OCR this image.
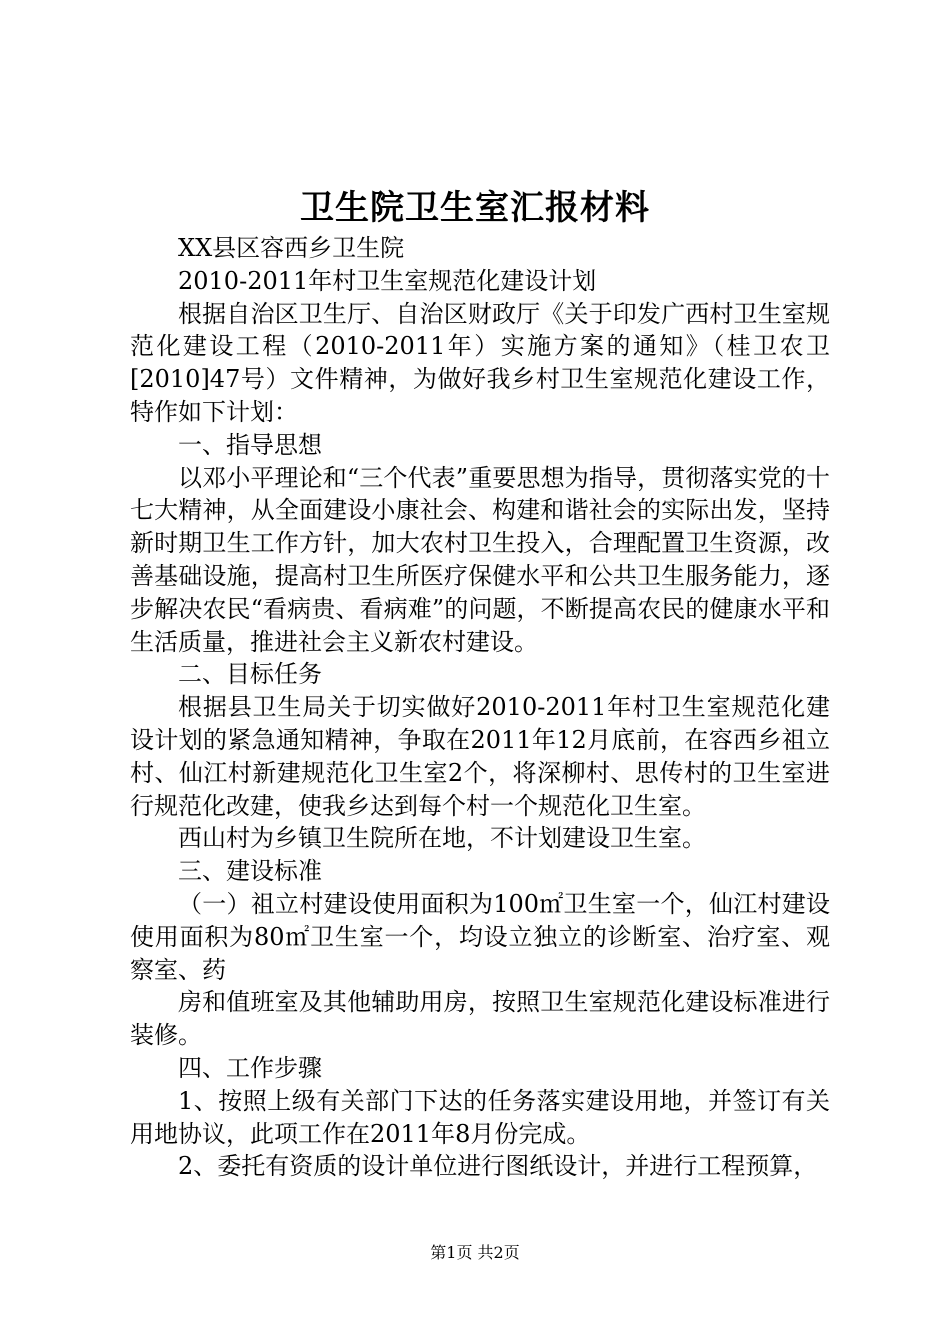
卫生院卫生室汇报材料

XX县区容西乡卫生院

2010-2011年村卫生室规范化建设计划

根据自治区卫生厅、自治区财政厅《关于印发广西村卫生室规范化建设工程（2010-2011年）实施方案的通知》（桂卫农卫[2010]47号）文件精神，为做好我乡村卫生室规范化建设工作，特作如下计划：

一、指导思想

以邓小平理论和“三个代表”重要思想为指导，贯彻落实党的十七大精神，从全面建设小康社会、构建和谐社会的实际出发，坚持新时期卫生工作方针，加大农村卫生投入，合理配置卫生资源，改善基础设施，提高村卫生所医疗保健水平和公共卫生服务能力，逐步解决农民“看病贵、看病难”的问题，不断提高农民的健康水平和生活质量，推进社会主义新农村建设。

二、目标任务

根据县卫生局关于切实做好2010-2011年村卫生室规范化建设计划的紧急通知精神，争取在2011年12月底前，在容西乡祖立村、仙江村新建规范化卫生室2个，将深柳村、思传村的卫生室进行规范化改建，使我乡达到每个村一个规范化卫生室。

西山村为乡镇卫生院所在地，不计划建设卫生室。

三、建设标准

（一）祖立村建设使用面积为100㎡卫生室一个，仙江村建设使用面积为80㎡卫生室一个，均设立独立的诊断室、治疗室、观察室、药

房和值班室及其他辅助用房，按照卫生室规范化建设标准进行装修。

四、工作步骤

1、按照上级有关部门下达的任务落实建设用地，并签订有关用地协议，此项工作在2011年8月份完成。

2、委托有资质的设计单位进行图纸设计，并进行工程预算，

第1页 共2页
